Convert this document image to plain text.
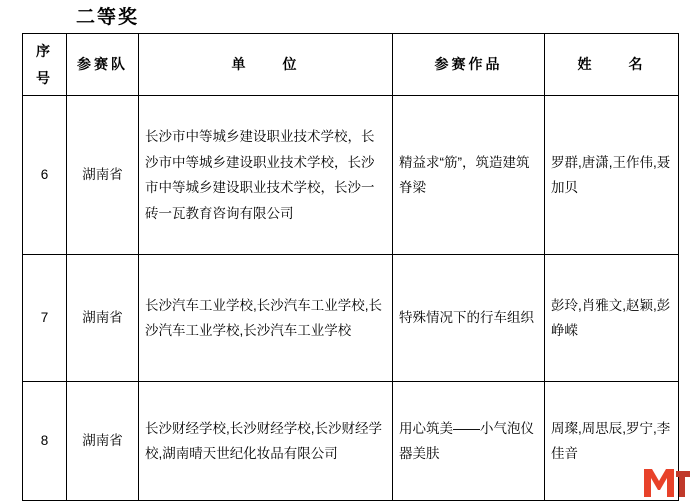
二等奖
序　号	参赛队	单　　位	参赛作品	姓　　名
6	湖南省	长沙市中等城乡建设职业技术学校，长沙市中等城乡建设职业技术学校，长沙市中等城乡建设职业技术学校，长沙一砖一瓦教育咨询有限公司	精益求“筋”，筑造建筑脊梁	罗群,唐潇,王作伟,聂加贝
7	湖南省	长沙汽车工业学校,长沙汽车工业学校,长沙汽车工业学校,长沙汽车工业学校	特殊情况下的行车组织	彭玲,肖雅文,赵颖,彭峥嵘
8	湖南省	长沙财经学校,长沙财经学校,长沙财经学校,湖南晴天世纪化妆品有限公司	用心筑美——小气泡仪器美肤	周璨,周思辰,罗宁,李佳音
